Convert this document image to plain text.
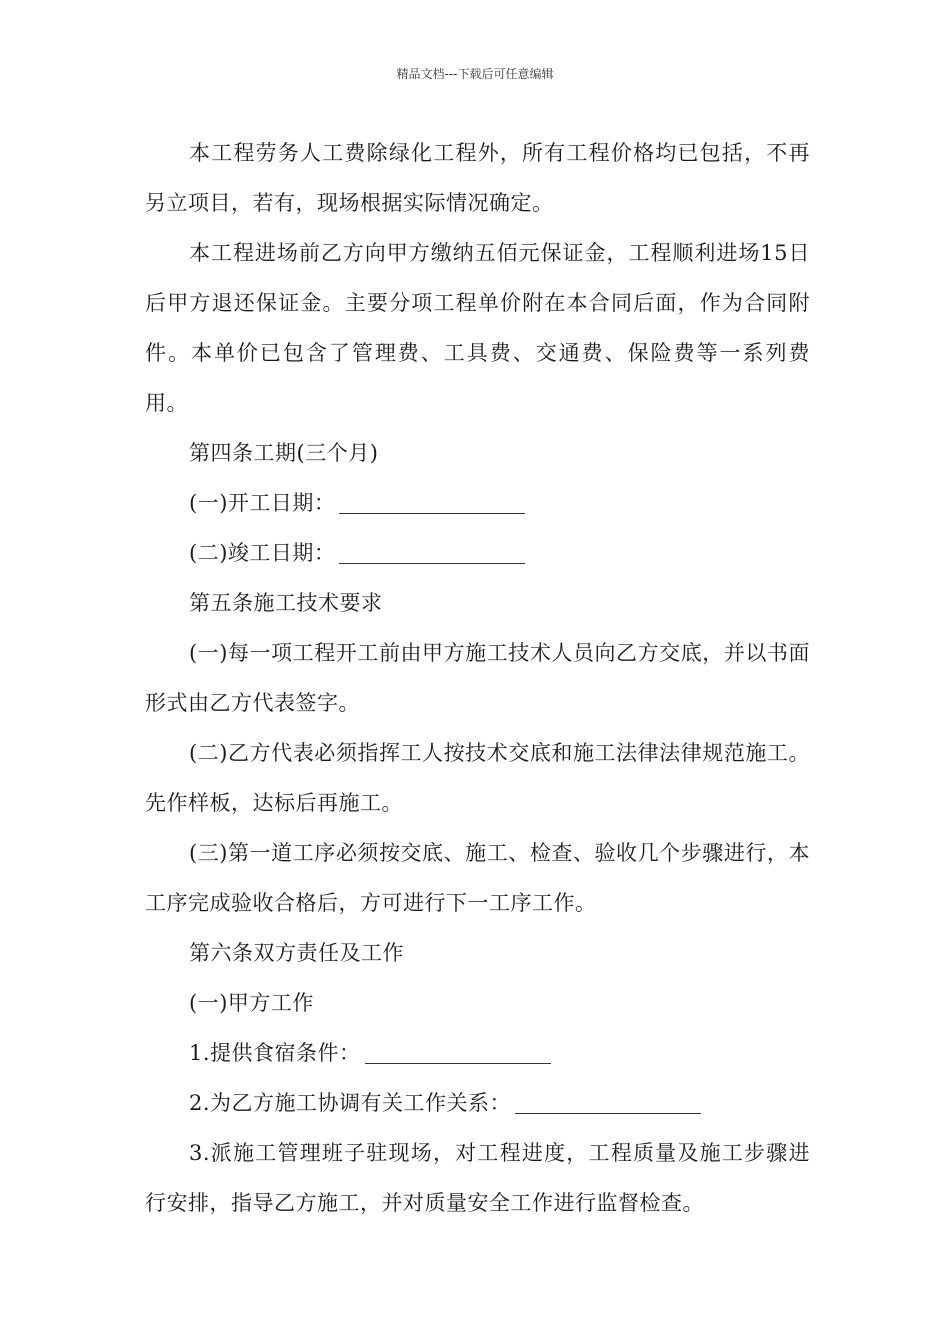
精品文档---下载后可任意编辑

本工程劳务人工费除绿化工程外，所有工程价格均已包括，不再另立项目，若有，现场根据实际情况确定。

本工程进场前乙方向甲方缴纳五佰元保证金，工程顺利进场15日后甲方退还保证金。主要分项工程单价附在本合同后面，作为合同附件。本单价已包含了管理费、工具费、交通费、保险费等一系列费用。

第四条工期(三个月)

(一)开工日期：

(二)竣工日期：

第五条施工技术要求

(一)每一项工程开工前由甲方施工技术人员向乙方交底，并以书面形式由乙方代表签字。

(二)乙方代表必须指挥工人按技术交底和施工法律法律规范施工。先作样板，达标后再施工。

(三)第一道工序必须按交底、施工、检查、验收几个步骤进行，本工序完成验收合格后，方可进行下一工序工作。

第六条双方责任及工作

(一)甲方工作

1.提供食宿条件：

2.为乙方施工协调有关工作关系：

3.派施工管理班子驻现场，对工程进度，工程质量及施工步骤进行安排，指导乙方施工，并对质量安全工作进行监督检查。
